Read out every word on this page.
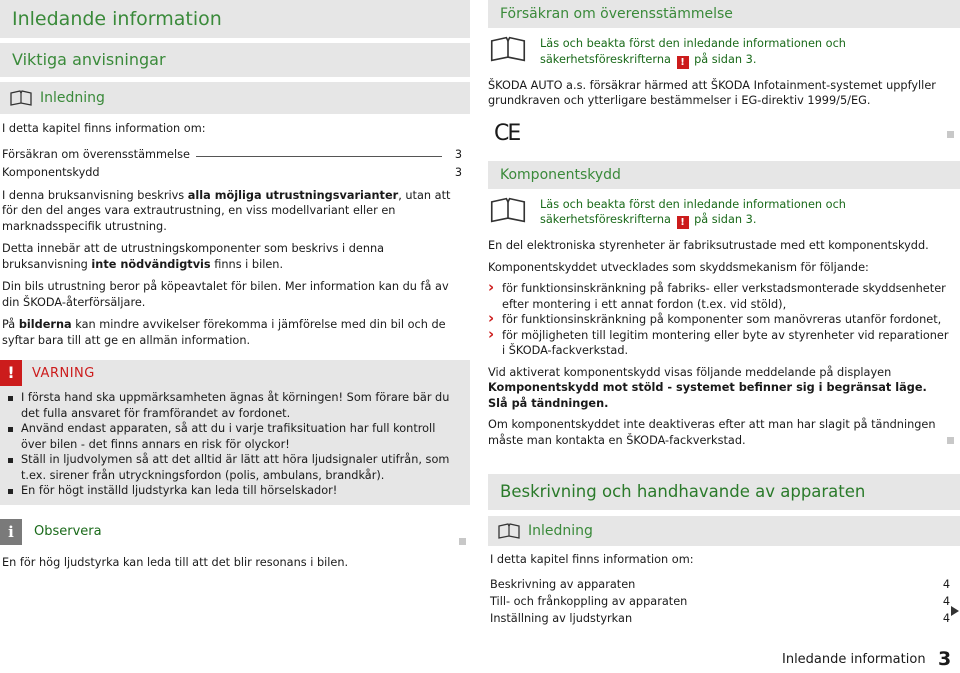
Inledande information
Viktiga anvisningar
Inledning

I detta kapitel finns information om:

Försäkran om överensstämmelse	3
Komponentskydd	3

I denna bruksanvisning beskrivs alla möjliga utrustningsvarianter, utan att för den del anges vara extrautrustning, en viss modellvariant eller en marknadsspecifik utrustning.

Detta innebär att de utrustningskomponenter som beskrivs i denna bruksanvisning inte nödvändigtvis finns i bilen.

Din bils utrustning beror på köpeavtalet för bilen. Mer information kan du få av din ŠKODA-återförsäljare.

På bilderna kan mindre avvikelser förekomma i jämförelse med din bil och de syftar bara till att ge en allmän information.

!	VARNING
I första hand ska uppmärksamheten ägnas åt körningen! Som förare bär du det fulla ansvaret för framförandet av fordonet.
Använd endast apparaten, så att du i varje trafiksituation har full kontroll över bilen - det finns annars en risk för olyckor!
Ställ in ljudvolymen så att det alltid är lätt att höra ljudsignaler utifrån, som t.ex. sirener från utryckningsfordon (polis, ambulans, brandkår).
En för högt inställd ljudstyrka kan leda till hörselskador!
i	Observera

En för hög ljudstyrka kan leda till att det blir resonans i bilen.

Försäkran om överensstämmelse
Läs och beakta först den inledande informationen och säkerhetsföreskrifterna ! på sidan 3.

ŠKODA AUTO a.s. försäkrar härmed att ŠKODA Infotainment-systemet uppfyller grundkraven och ytterligare bestämmelser i EG-direktiv 1999/5/EG.

CE
Komponentskydd
Läs och beakta först den inledande informationen och säkerhetsföreskrifterna ! på sidan 3.

En del elektroniska styrenheter är fabriksutrustade med ett komponentskydd.

Komponentskyddet utvecklades som skyddsmekanism för följande:

› för funktionsinskränkning på fabriks- eller verkstadsmonterade skyddsenheter efter montering i ett annat fordon (t.ex. vid stöld),
› för funktionsinskränkning på komponenter som manövreras utanför fordonet,
› för möjligheten till legitim montering eller byte av styrenheter vid reparationer i ŠKODA-fackverkstad.

Vid aktiverat komponentskydd visas följande meddelande på displayen Komponentskydd mot stöld - systemet befinner sig i begränsat läge. Slå på tändningen.

Om komponentskyddet inte deaktiveras efter att man har slagit på tändningen måste man kontakta en ŠKODA-fackverkstad.

Beskrivning och handhavande av apparaten
Inledning

I detta kapitel finns information om:

Beskrivning av apparaten	4
Till- och frånkoppling av apparaten	4
Inställning av ljudstyrkan	4
Inledande information 3
